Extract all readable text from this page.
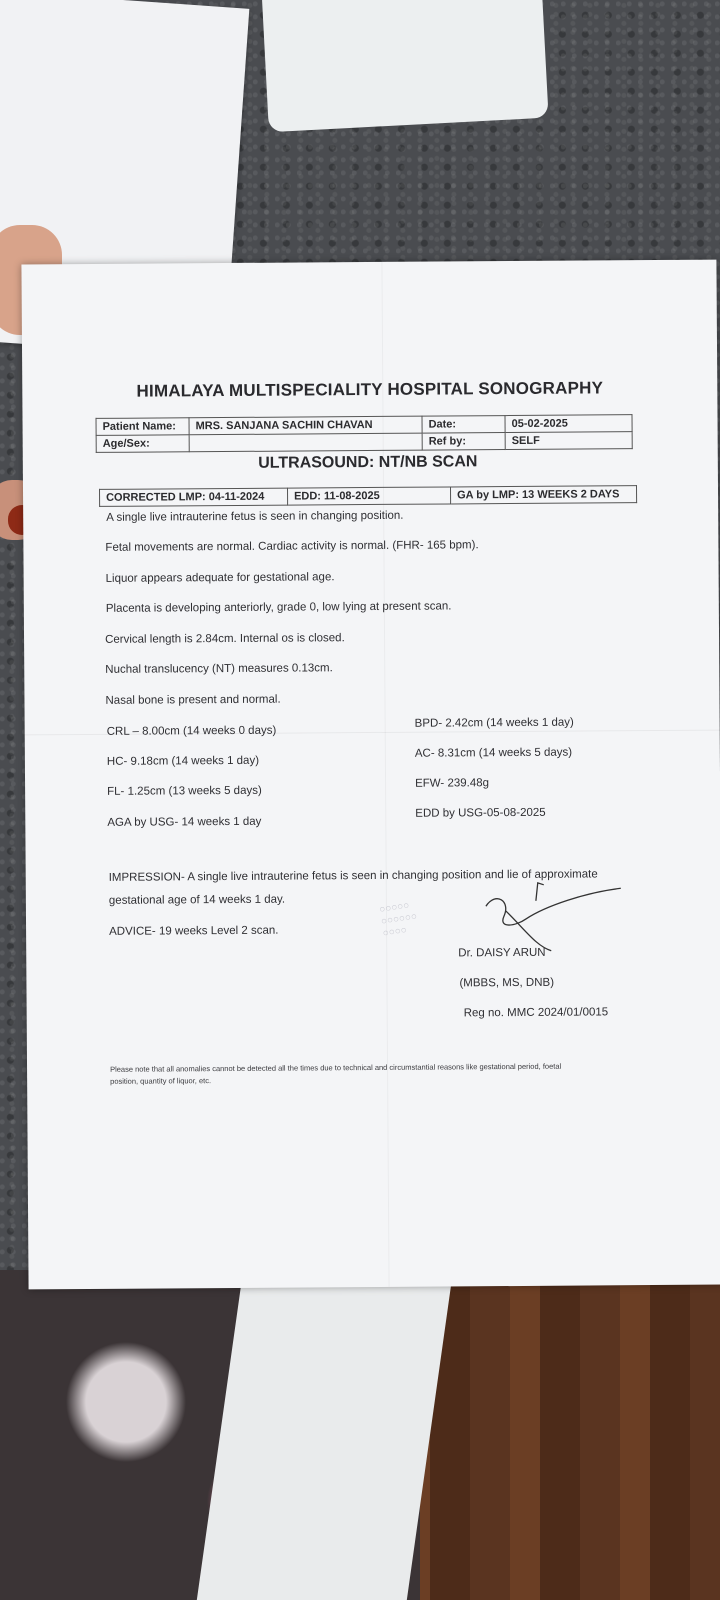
HIMALAYA MULTISPECIALITY HOSPITAL SONOGRAPHY
Patient Name:	MRS. SANJANA SACHIN CHAVAN	Date:	05-02-2025
Age/Sex:		Ref by:	SELF
ULTRASOUND: NT/NB SCAN
CORRECTED LMP: 04-11-2024	EDD: 11-08-2025	GA by LMP: 13 WEEKS 2 DAYS
A single live intrauterine fetus is seen in changing position.
Fetal movements are normal. Cardiac activity is normal. (FHR- 165 bpm).
Liquor appears adequate for gestational age.
Placenta is developing anteriorly, grade 0, low lying at present scan.
Cervical length is 2.84cm. Internal os is closed.
Nuchal translucency (NT) measures 0.13cm.
Nasal bone is present and normal.
CRL – 8.00cm (14 weeks 0 days)
HC- 9.18cm (14 weeks 1 day)
FL- 1.25cm (13 weeks 5 days)
AGA by USG- 14 weeks 1 day
BPD- 2.42cm (14 weeks 1 day)
AC- 8.31cm (14 weeks 5 days)
EFW- 239.48g
EDD by USG-05-08-2025
IMPRESSION- A single live intrauterine fetus is seen in changing position and lie of approximate
gestational age of 14 weeks 1 day.
ADVICE- 19 weeks Level 2 scan.
○○○○○
○○○○○○
○○○○
Dr. DAISY ARUN
(MBBS, MS, DNB)
Reg no. MMC 2024/01/0015
Please note that all anomalies cannot be detected all the times due to technical and circumstantial reasons like gestational period, foetal
position, quantity of liquor, etc.
